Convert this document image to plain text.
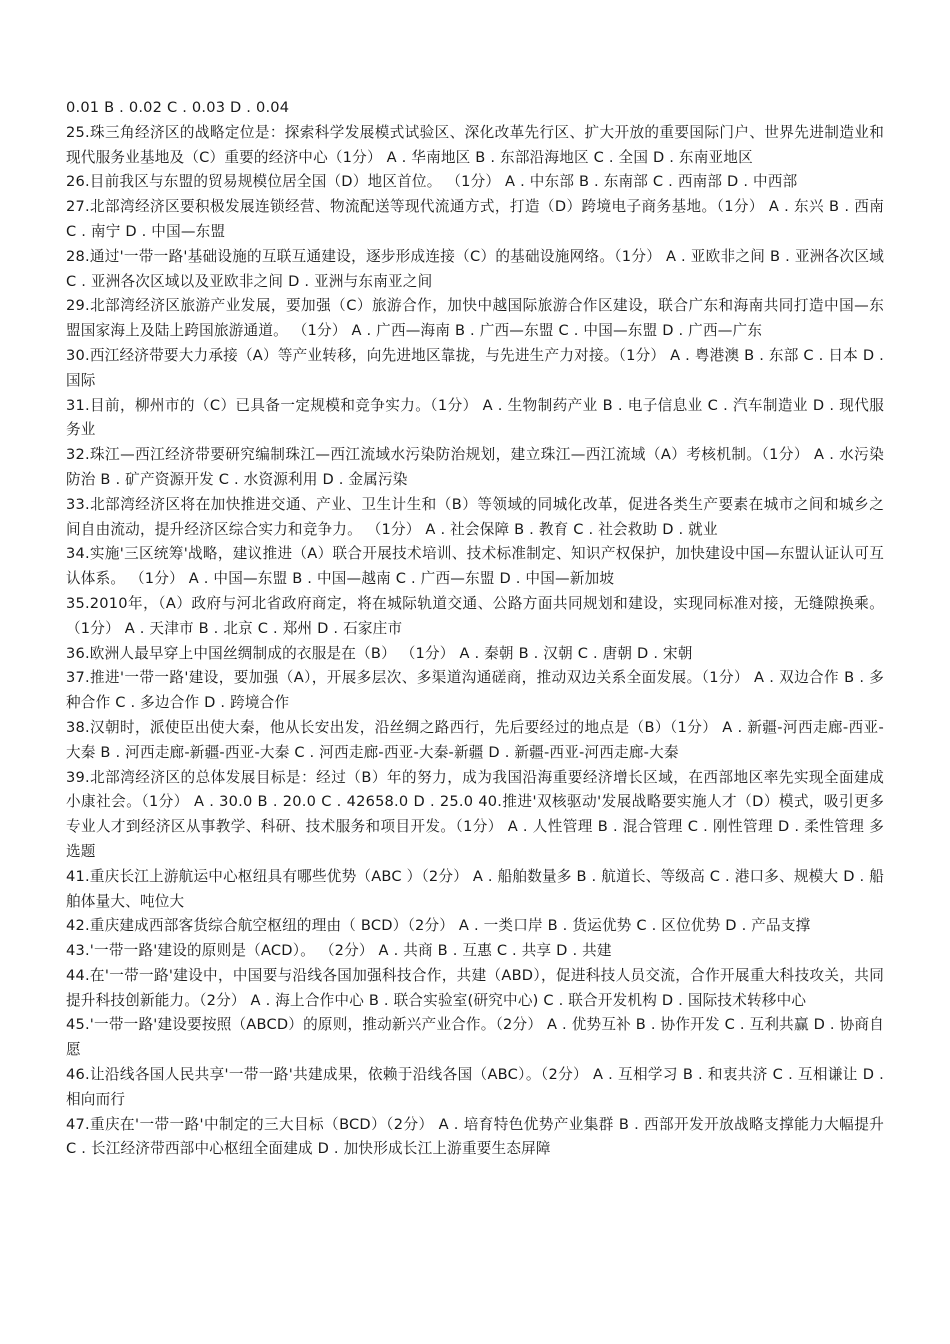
0.01 B . 0.02 C . 0.03 D . 0.04

25.珠三角经济区的战略定位是：探索科学发展模式试验区、深化改革先行区、扩大开放的重要国际门户、世界先进制造业和现代服务业基地及（C）重要的经济中心（1分） A . 华南地区 B . 东部沿海地区 C . 全国 D . 东南亚地区

26.目前我区与东盟的贸易规模位居全国（D）地区首位。 （1分） A . 中东部 B . 东南部 C . 西南部 D . 中西部

27.北部湾经济区要积极发展连锁经营、物流配送等现代流通方式，打造（D）跨境电子商务基地。（1分） A . 东兴 B . 西南 C . 南宁 D . 中国—东盟

28.通过'一带一路'基础设施的互联互通建设，逐步形成连接（C）的基础设施网络。（1分） A . 亚欧非之间 B . 亚洲各次区域 C . 亚洲各次区域以及亚欧非之间 D . 亚洲与东南亚之间

29.北部湾经济区旅游产业发展，要加强（C）旅游合作，加快中越国际旅游合作区建设，联合广东和海南共同打造中国—东盟国家海上及陆上跨国旅游通道。 （1分） A . 广西—海南 B . 广西—东盟 C . 中国—东盟 D . 广西—广东

30.西江经济带要大力承接（A）等产业转移，向先进地区靠拢，与先进生产力对接。（1分） A . 粤港澳 B . 东部 C . 日本 D . 国际

31.目前，柳州市的（C）已具备一定规模和竞争实力。（1分） A . 生物制药产业 B . 电子信息业 C . 汽车制造业 D . 现代服务业

32.珠江—西江经济带要研究编制珠江—西江流域水污染防治规划，建立珠江—西江流域（A）考核机制。（1分） A . 水污染防治 B . 矿产资源开发 C . 水资源利用 D . 金属污染

33.北部湾经济区将在加快推进交通、产业、卫生计生和（B）等领域的同城化改革，促进各类生产要素在城市之间和城乡之间自由流动，提升经济区综合实力和竞争力。 （1分） A . 社会保障 B . 教育 C . 社会救助 D . 就业

34.实施'三区统筹'战略，建议推进（A）联合开展技术培训、技术标准制定、知识产权保护，加快建设中国—东盟认证认可互认体系。 （1分） A . 中国—东盟 B . 中国—越南 C . 广西—东盟 D . 中国—新加坡

35.2010年，（A）政府与河北省政府商定，将在城际轨道交通、公路方面共同规划和建设，实现同标准对接，无缝隙换乘。 （1分） A . 天津市 B . 北京 C . 郑州 D . 石家庄市

36.欧洲人最早穿上中国丝绸制成的衣服是在（B） （1分） A . 秦朝 B . 汉朝 C . 唐朝 D . 宋朝

37.推进'一带一路'建设，要加强（A），开展多层次、多渠道沟通磋商，推动双边关系全面发展。（1分） A . 双边合作 B . 多种合作 C . 多边合作 D . 跨境合作

38.汉朝时，派使臣出使大秦，他从长安出发，沿丝绸之路西行，先后要经过的地点是（B）（1分） A . 新疆-河西走廊-西亚-大秦 B . 河西走廊-新疆-西亚-大秦 C . 河西走廊-西亚-大秦-新疆 D . 新疆-西亚-河西走廊-大秦

39.北部湾经济区的总体发展目标是：经过（B）年的努力，成为我国沿海重要经济增长区域，在西部地区率先实现全面建成小康社会。（1分） A . 30.0 B . 20.0 C . 42658.0 D . 25.0 40.推进'双核驱动'发展战略要实施人才（D）模式，吸引更多专业人才到经济区从事教学、科研、技术服务和项目开发。（1分） A . 人性管理 B . 混合管理 C . 刚性管理 D . 柔性管理 多选题

41.重庆长江上游航运中心枢纽具有哪些优势（ABC ）（2分） A . 船舶数量多 B . 航道长、等级高 C . 港口多、规模大 D . 船舶体量大、吨位大

42.重庆建成西部客货综合航空枢纽的理由（ BCD）（2分） A . 一类口岸 B . 货运优势 C . 区位优势 D . 产品支撑

43.'一带一路'建设的原则是（ACD）。 （2分） A . 共商 B . 互惠 C . 共享 D . 共建

44.在'一带一路'建设中，中国要与沿线各国加强科技合作，共建（ABD），促进科技人员交流，合作开展重大科技攻关，共同提升科技创新能力。（2分） A . 海上合作中心 B . 联合实验室(研究中心) C . 联合开发机构 D . 国际技术转移中心

45.'一带一路'建设要按照（ABCD）的原则，推动新兴产业合作。（2分） A . 优势互补 B . 协作开发 C . 互利共赢 D . 协商自愿

46.让沿线各国人民共享'一带一路'共建成果，依赖于沿线各国（ABC）。（2分） A . 互相学习 B . 和衷共济 C . 互相谦让 D . 相向而行

47.重庆在'一带一路'中制定的三大目标（BCD）（2分） A . 培育特色优势产业集群 B . 西部开发开放战略支撑能力大幅提升 C . 长江经济带西部中心枢纽全面建成 D . 加快形成长江上游重要生态屏障
